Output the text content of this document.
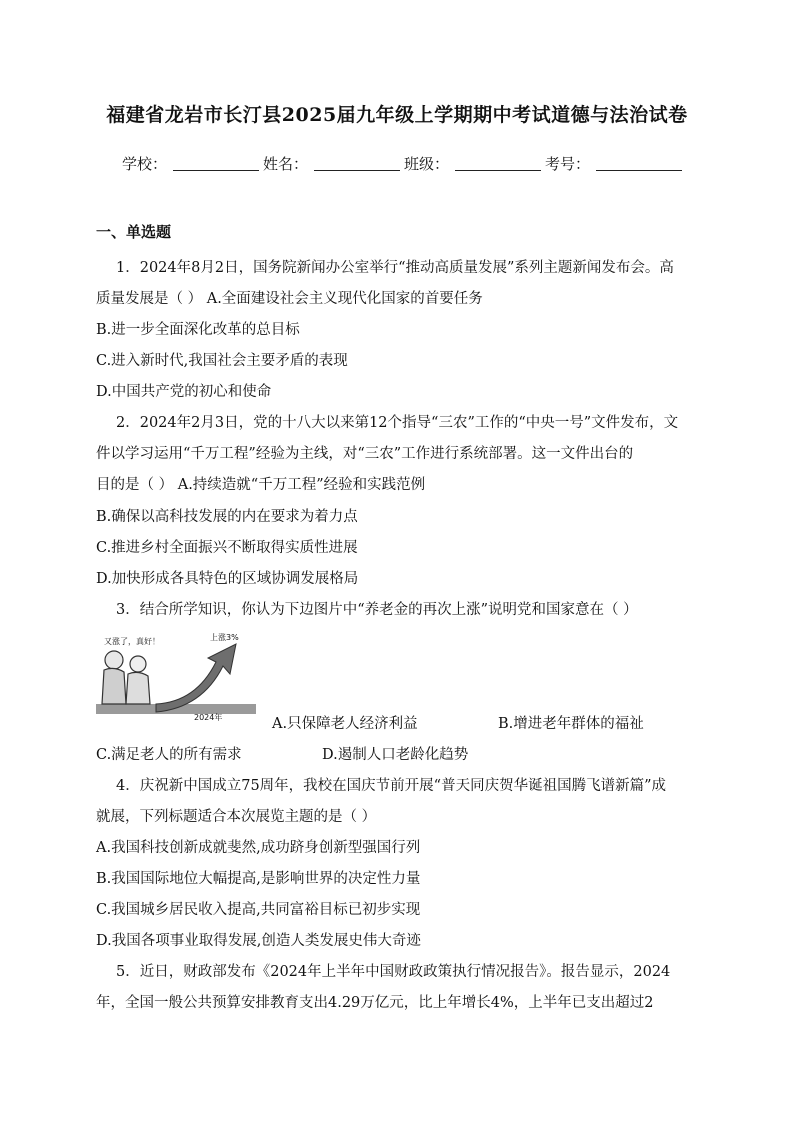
福建省龙岩市长汀县2025届九年级上学期期中考试道德与法治试卷
学校：	姓名：	班级：	考号：
一、单选题
1．2024年8月2日，国务院新闻办公室举行“推动高质量发展”系列主题新闻发布会。高
质量发展是（ ） A.全面建设社会主义现代化国家的首要任务
B.进一步全面深化改革的总目标
C.进入新时代,我国社会主要矛盾的表现
D.中国共产党的初心和使命
2．2024年2月3日，党的十八大以来第12个指导“三农”工作的“中央一号”文件发布，文
件以学习运用“千万工程”经验为主线，对“三农”工作进行系统部署。这一文件出台的
目的是（ ） A.持续造就“千万工程”经验和实践范例
B.确保以高科技发展的内在要求为着力点
C.推进乡村全面振兴不断取得实质性进展
D.加快形成各具特色的区域协调发展格局
3．结合所学知识，你认为下边图片中“养老金的再次上涨”说明党和国家意在（ ）
又涨了，真好！	上涨3%
2024年	A.只保障老人经济利益	B.增进老年群体的福祉
C.满足老人的所有需求	D.遏制人口老龄化趋势
4．庆祝新中国成立75周年，我校在国庆节前开展“普天同庆贺华诞祖国腾飞谱新篇”成
就展，下列标题适合本次展览主题的是（ ）
A.我国科技创新成就斐然,成功跻身创新型强国行列
B.我国国际地位大幅提高,是影响世界的决定性力量
C.我国城乡居民收入提高,共同富裕目标已初步实现
D.我国各项事业取得发展,创造人类发展史伟大奇迹
5．近日，财政部发布《2024年上半年中国财政政策执行情况报告》。报告显示，2024
年，全国一般公共预算安排教育支出4.29万亿元，比上年增长4%，上半年已支出超过2
